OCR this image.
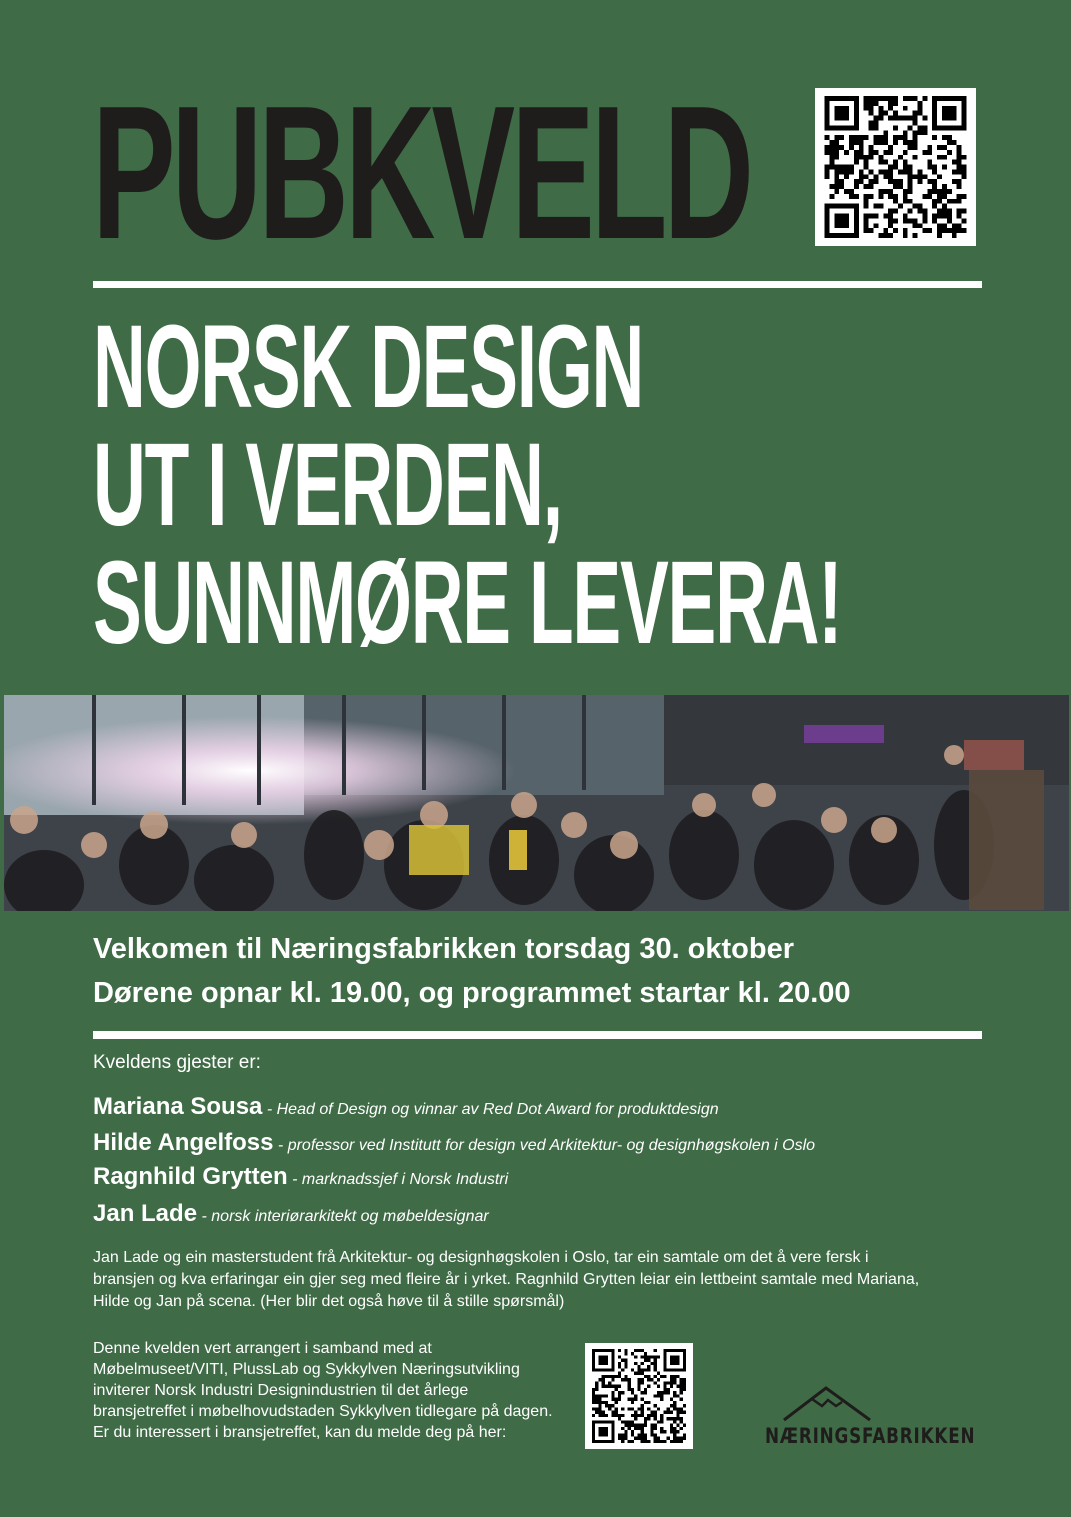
PUBKVELD
NORSK DESIGN
UT I VERDEN,
SUNNMØRE LEVERA!
Velkomen til Næringsfabrikken torsdag 30. oktober
Dørene opnar kl. 19.00, og programmet startar kl. 20.00
Kveldens gjester er:
Mariana Sousa - Head of Design og vinnar av Red Dot Award for produktdesign
Hilde Angelfoss - professor ved Institutt for design ved Arkitektur- og designhøgskolen i Oslo
Ragnhild Grytten - marknadssjef i Norsk Industri
Jan Lade - norsk interiørarkitekt og møbeldesignar
Jan Lade og ein masterstudent frå Arkitektur- og designhøgskolen i Oslo, tar ein samtale om det å vere fersk i
bransjen og kva erfaringar ein gjer seg med fleire år i yrket. Ragnhild Grytten leiar ein lettbeint samtale med Mariana,
Hilde og Jan på scena. (Her blir det også høve til å stille spørsmål)
Denne kvelden vert arrangert i samband med at
Møbelmuseet/VITI, PlussLab og Sykkylven Næringsutvikling
inviterer Norsk Industri Designindustrien til det årlege
bransjetreffet i møbelhovudstaden Sykkylven tidlegare på dagen.
Er du interessert i bransjetreffet, kan du melde deg på her:	NÆRINGSFABRIKKEN
